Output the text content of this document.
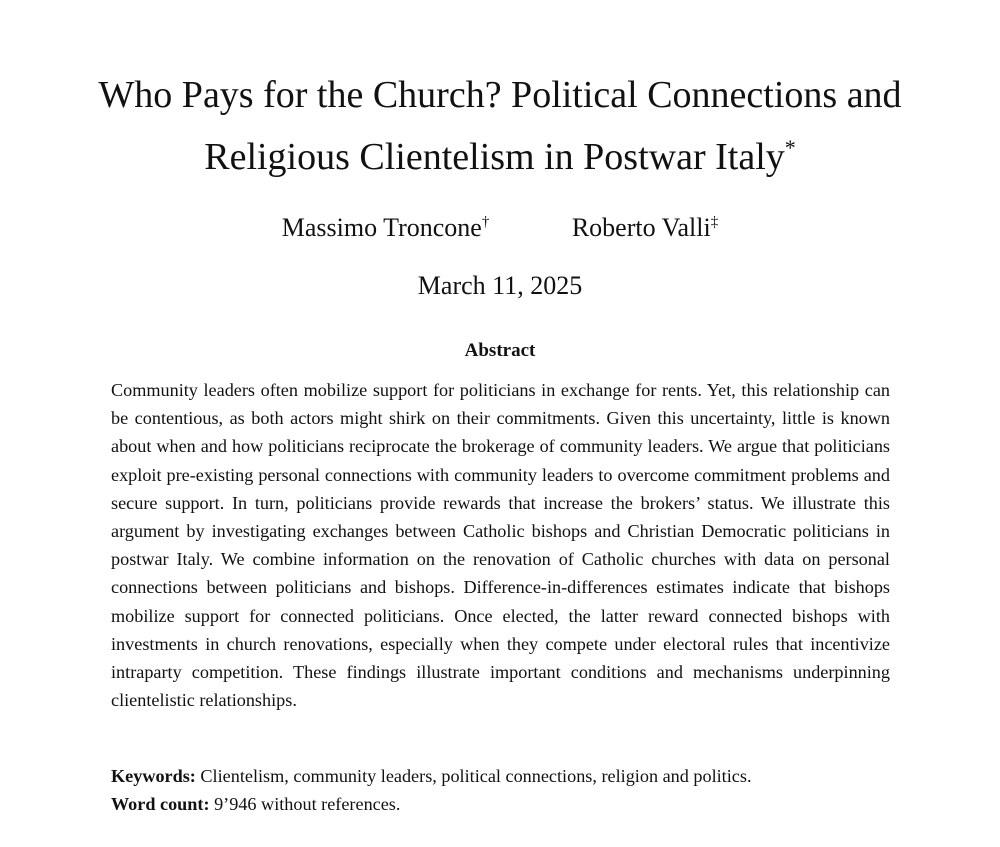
Who Pays for the Church? Political Connections and
Religious Clientelism in Postwar Italy*
Massimo Troncone†	Roberto Valli‡
March 11, 2025
Abstract

Community leaders often mobilize support for politicians in exchange for rents. Yet, this relationship can be contentious, as both actors might shirk on their commitments. Given this uncertainty, little is known about when and how politicians reciprocate the brokerage of community leaders. We argue that politicians exploit pre-existing personal connections with community leaders to overcome commitment problems and secure support. In turn, politicians provide rewards that increase the brokers’ status. We illustrate this argument by investigating exchanges between Catholic bishops and Christian Democratic politicians in postwar Italy. We combine information on the renovation of Catholic churches with data on personal connections between politicians and bishops. Difference-in-differences estimates indicate that bishops mobilize support for connected politicians. Once elected, the latter reward connected bishops with investments in church renovations, especially when they compete under electoral rules that incentivize intraparty competition. These findings illustrate important conditions and mechanisms underpinning clientelistic relationships.

Keywords: Clientelism, community leaders, political connections, religion and politics.
Word count: 9’946 without references.
